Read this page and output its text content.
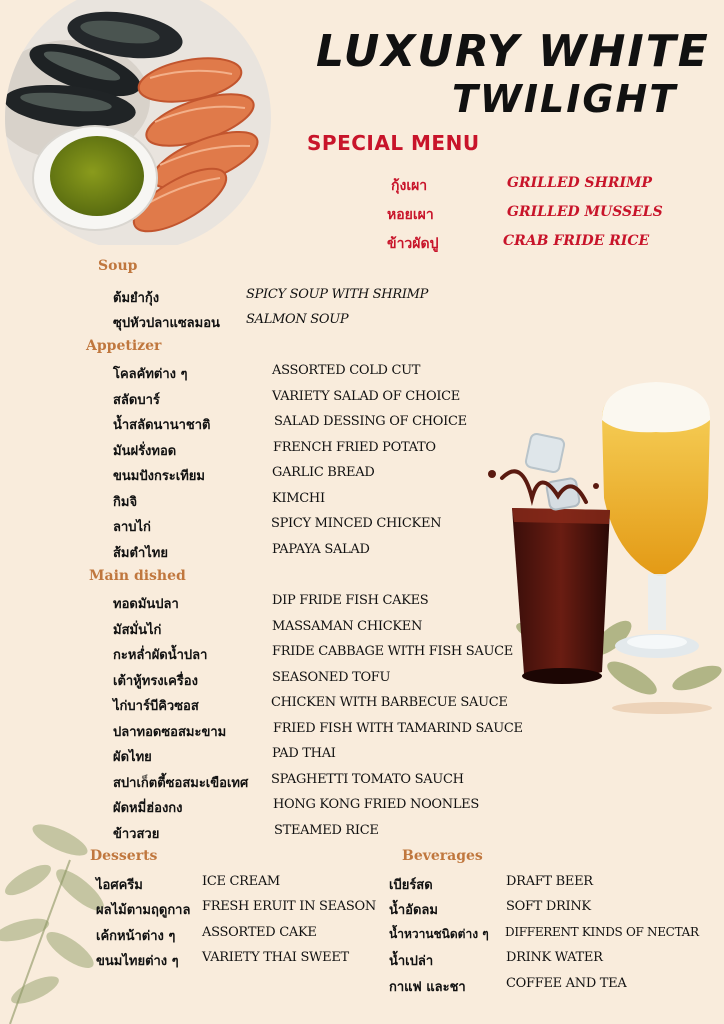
LUXURY WHITE
TWILIGHT
SPECIAL MENU
กุ้งเผา	GRILLED SHRIMP
หอยเผา	GRILLED MUSSELS
ข้าวผัดปู	CRAB FRIDE RICE
Soup
ต้มยำกุ้ง	SPICY SOUP WITH SHRIMP
ซุปหัวปลาแซลมอน SALMON SOUP
Appetizer
โคลคัทต่าง ๆ	ASSORTED COLD CUT
สลัดบาร์	VARIETY SALAD OF CHOICE
น้ำสลัดนานาชาติ	SALAD DESSING OF CHOICE
มันฝรั่งทอด	FRENCH FRIED POTATO
ขนมปังกระเทียม	GARLIC BREAD
กิมจิ	KIMCHI
ลาบไก่	SPICY MINCED CHICKEN
ส้มตำไทย	PAPAYA SALAD
Main dished
ทอดมันปลา	DIP FRIDE FISH CAKES
มัสมั่นไก่	MASSAMAN CHICKEN
กะหล่ำผัดน้ำปลา	FRIDE CABBAGE WITH FISH SAUCE
เต้าหู้ทรงเครื่อง	SEASONED TOFU
ไก่บาร์บีคิวซอส	CHICKEN WITH BARBECUE SAUCE
ปลาทอดซอสมะขาม	FRIED FISH WITH TAMARIND SAUCE
ผัดไทย	PAD THAI
สปาเก็ตตี้ซอสมะเขือเทศ SPAGHETTI TOMATO SAUCH
ผัดหมี่ฮ่องกง	HONG KONG FRIED NOONLES
ข้าวสวย	STEAMED RICE
Desserts
ไอศครีม	ICE CREAM
ผลไม้ตามฤดูกาล FRESH ERUIT IN SEASON
เค้กหน้าต่าง ๆ ASSORTED CAKE
ขนมไทยต่าง ๆ VARIETY THAI SWEET
Beverages
เบียร์สด	DRAFT BEER
น้ำอัดลม	SOFT DRINK
น้ำหวานชนิดต่าง ๆ DIFFERENT KINDS OF NECTAR
น้ำเปล่า	DRINK WATER
กาแฟ และชา	COFFEE AND TEA
